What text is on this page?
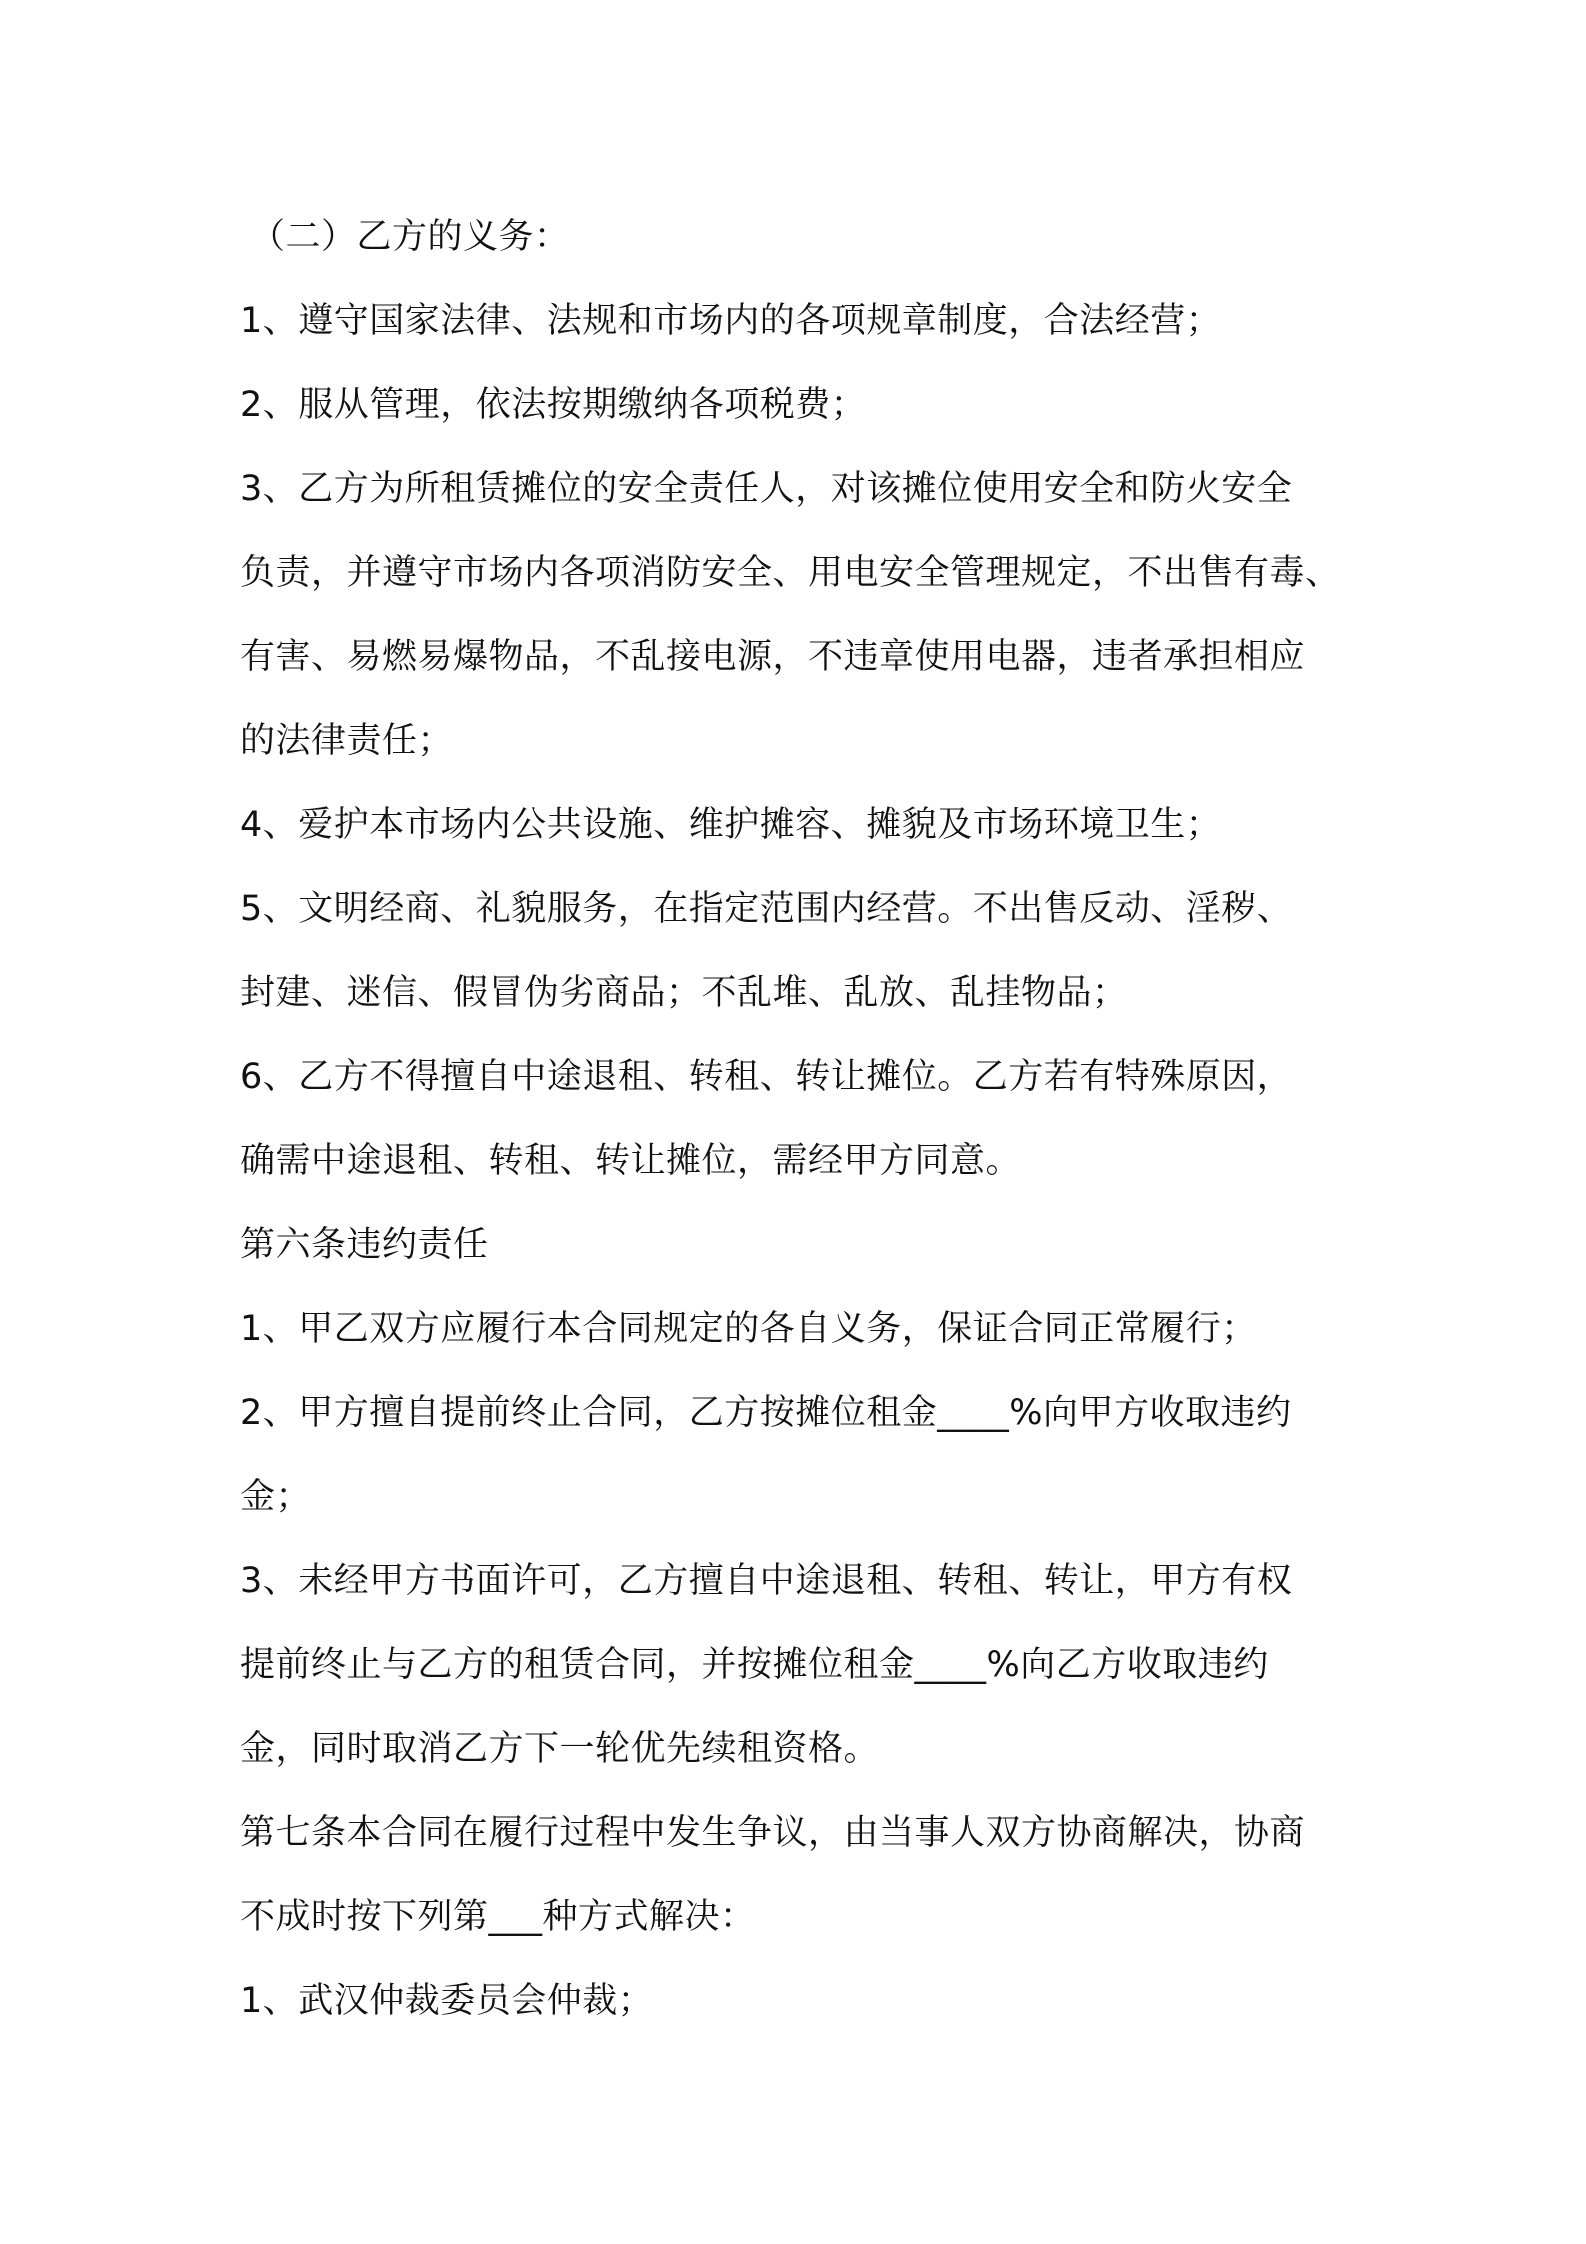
（二）乙方的义务：

1、遵守国家法律、法规和市场内的各项规章制度，合法经营；

2、服从管理，依法按期缴纳各项税费；

3、乙方为所租赁摊位的安全责任人，对该摊位使用安全和防火安全

负责，并遵守市场内各项消防安全、用电安全管理规定，不出售有毒、

有害、易燃易爆物品，不乱接电源，不违章使用电器，违者承担相应

的法律责任；

4、爱护本市场内公共设施、维护摊容、摊貌及市场环境卫生；

5、文明经商、礼貌服务，在指定范围内经营。不出售反动、淫秽、

封建、迷信、假冒伪劣商品；不乱堆、乱放、乱挂物品；

6、乙方不得擅自中途退租、转租、转让摊位。乙方若有特殊原因，

确需中途退租、转租、转让摊位，需经甲方同意。

第六条违约责任

1、甲乙双方应履行本合同规定的各自义务，保证合同正常履行；

2、甲方擅自提前终止合同，乙方按摊位租金____%向甲方收取违约

金；

3、未经甲方书面许可，乙方擅自中途退租、转租、转让，甲方有权

提前终止与乙方的租赁合同，并按摊位租金____%向乙方收取违约

金，同时取消乙方下一轮优先续租资格。

第七条本合同在履行过程中发生争议，由当事人双方协商解决，协商

不成时按下列第___种方式解决：

1、武汉仲裁委员会仲裁；
